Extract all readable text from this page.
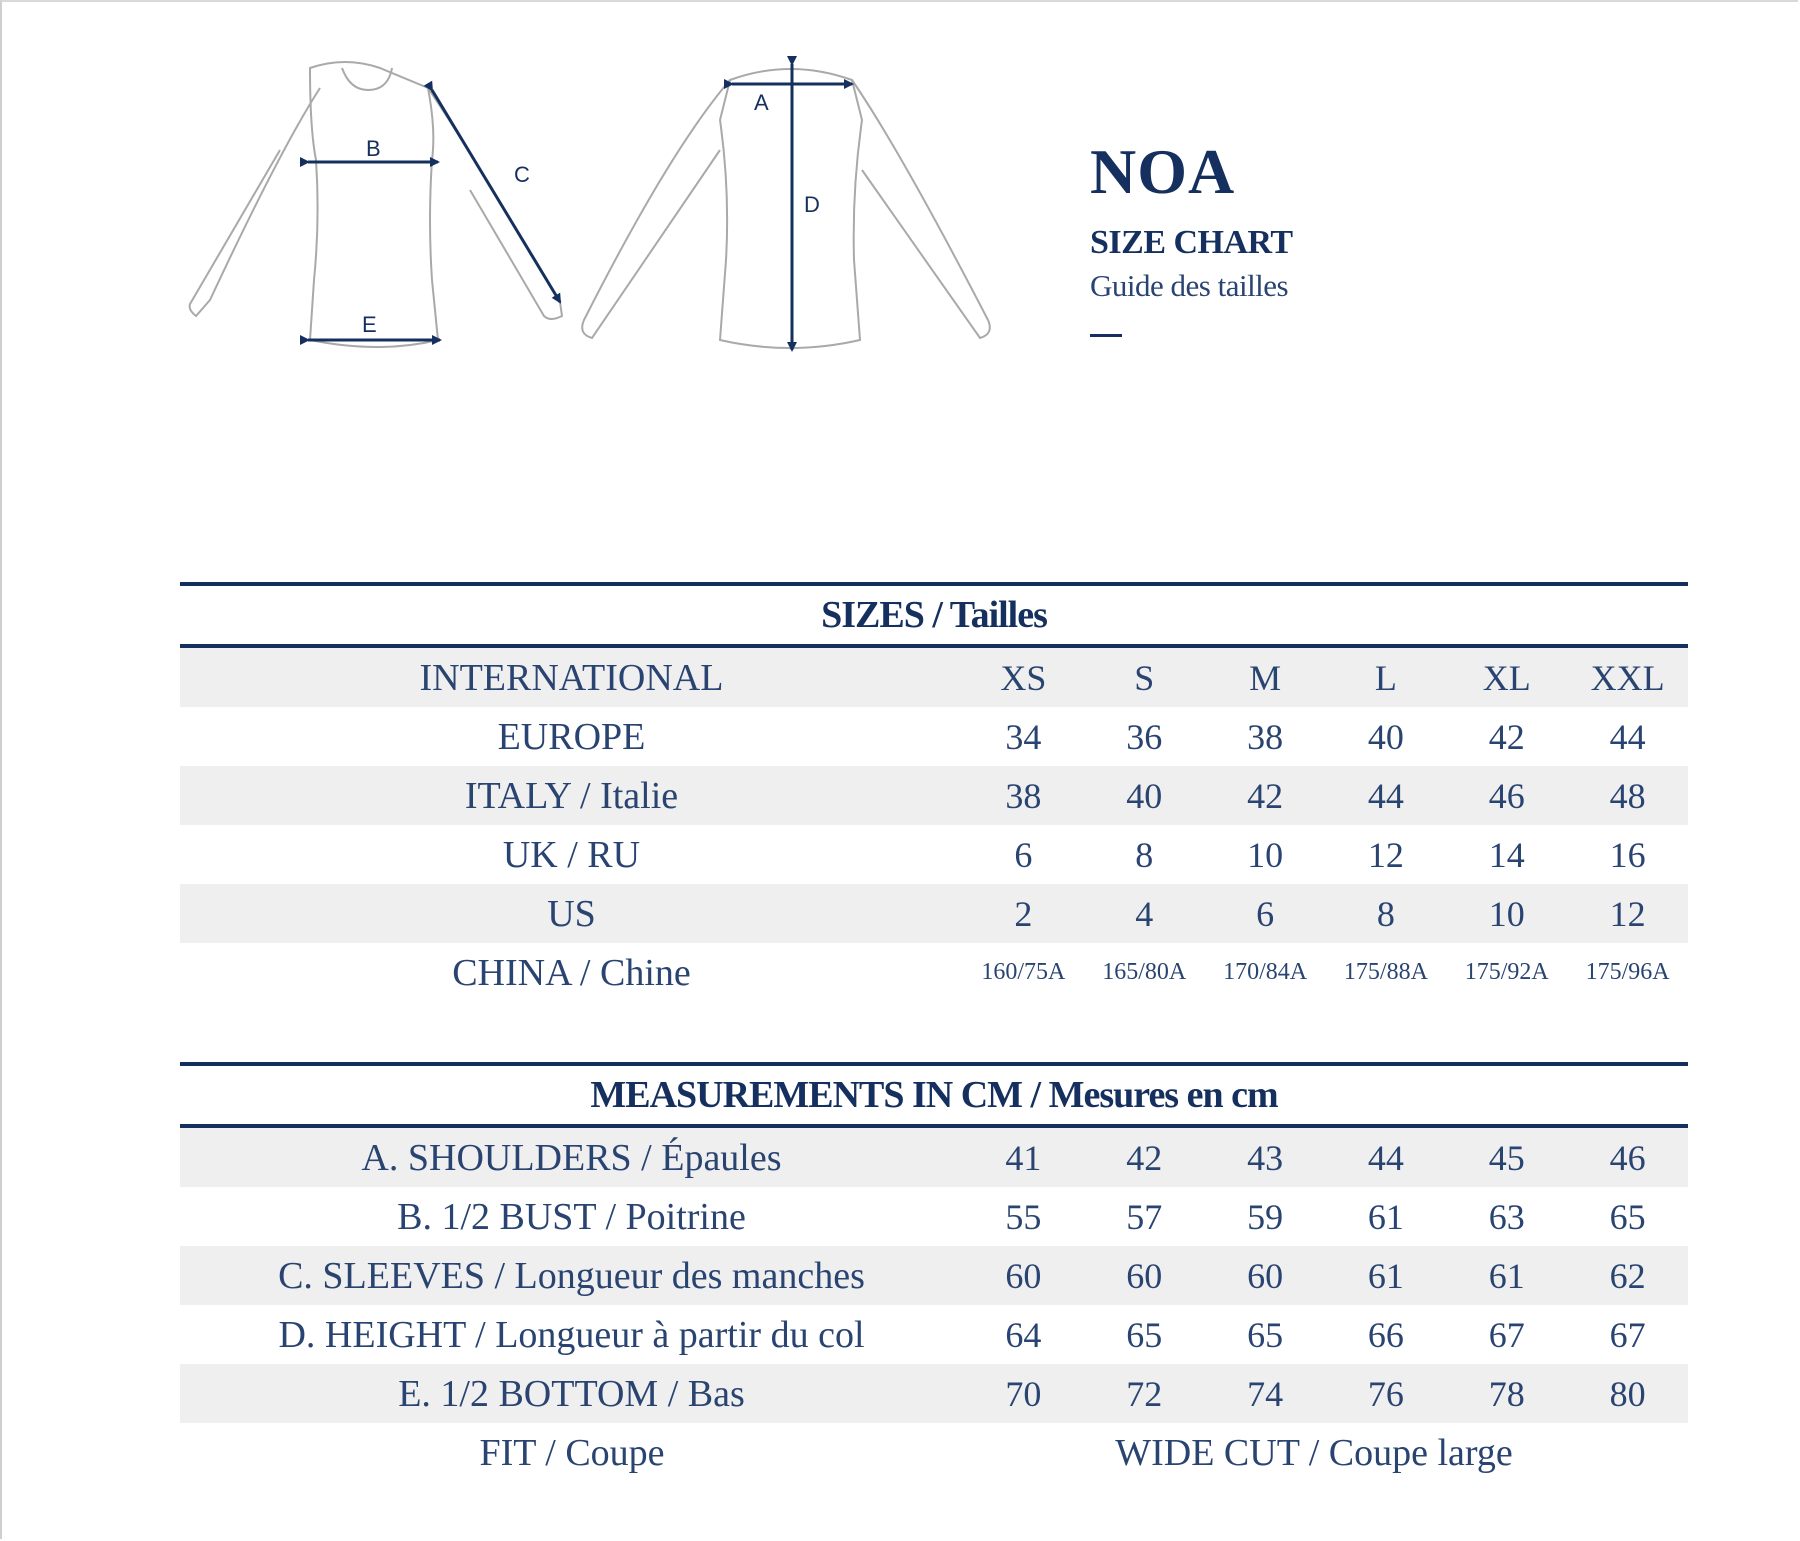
B
C
E
A
D	NOA
SIZE CHART
Guide des tailles
SIZES / Tailles
INTERNATIONAL	XS	S	M	L	XL	XXL
EUROPE	34	36	38	40	42	44
ITALY / Italie	38	40	42	44	46	48
UK / RU	6	8	10	12	14	16
US	2	4	6	8	10	12
CHINA / Chine	160/75A	165/80A	170/84A	175/88A	175/92A	175/96A
MEASUREMENTS IN CM / Mesures en cm
A. SHOULDERS / Épaules	41	42	43	44	45	46
B. 1/2 BUST / Poitrine	55	57	59	61	63	65
C. SLEEVES / Longueur des manches	60	60	60	61	61	62
D. HEIGHT / Longueur à partir du col	64	65	65	66	67	67
E. 1/2 BOTTOM / Bas	70	72	74	76	78	80
FIT / Coupe	WIDE CUT / Coupe large
